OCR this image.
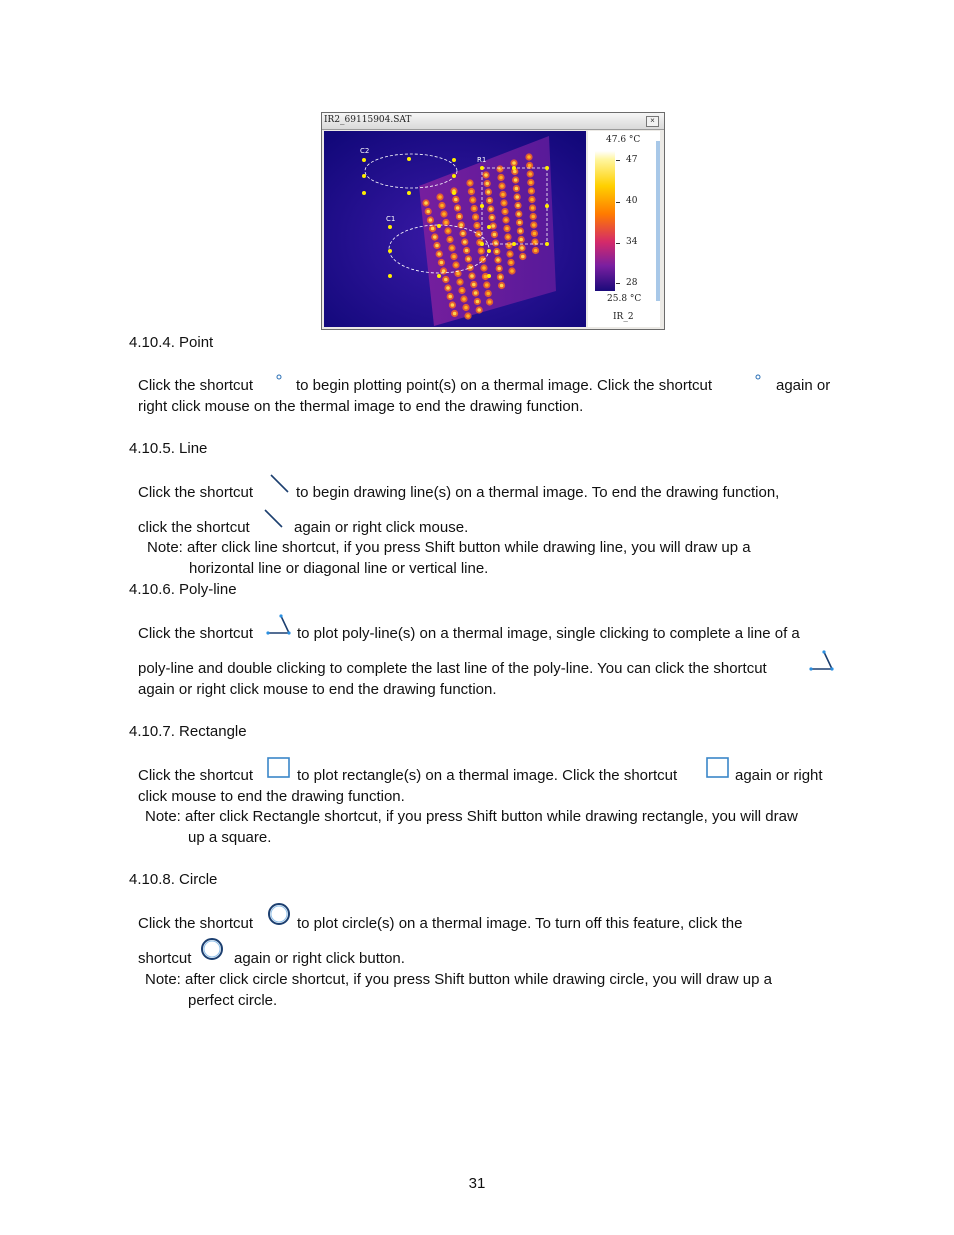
IR2_69115904.SAT	×
C2
C1
R1
47.6 °C
47
40
34
28
25.8 °C
IR_2
4.10.4. Point
Click the shortcut	to begin plotting point(s) on a thermal image. Click the shortcut	again or
right click mouse on the thermal image to end the drawing function.
4.10.5. Line
Click the shortcut	to begin drawing line(s) on a thermal image. To end the drawing function,
click the shortcut	again or right click mouse.
Note: after click line shortcut, if you press Shift button while drawing line, you will draw up a
horizontal line or diagonal line or vertical line.
4.10.6. Poly-line
Click the shortcut	to plot poly-line(s) on a thermal image, single clicking to complete a line of a
poly-line and double clicking to complete the last line of the poly-line. You can click the shortcut
again or right click mouse to end the drawing function.
4.10.7. Rectangle
Click the shortcut	to plot rectangle(s) on a thermal image. Click the shortcut	again or right
click mouse to end the drawing function.
Note: after click Rectangle shortcut, if you press Shift button while drawing rectangle, you will draw
up a square.
4.10.8. Circle
Click the shortcut	to plot circle(s) on a thermal image. To turn off this feature, click the
shortcut	again or right click button.
Note: after click circle shortcut, if you press Shift button while drawing circle, you will draw up a
perfect circle.
31
